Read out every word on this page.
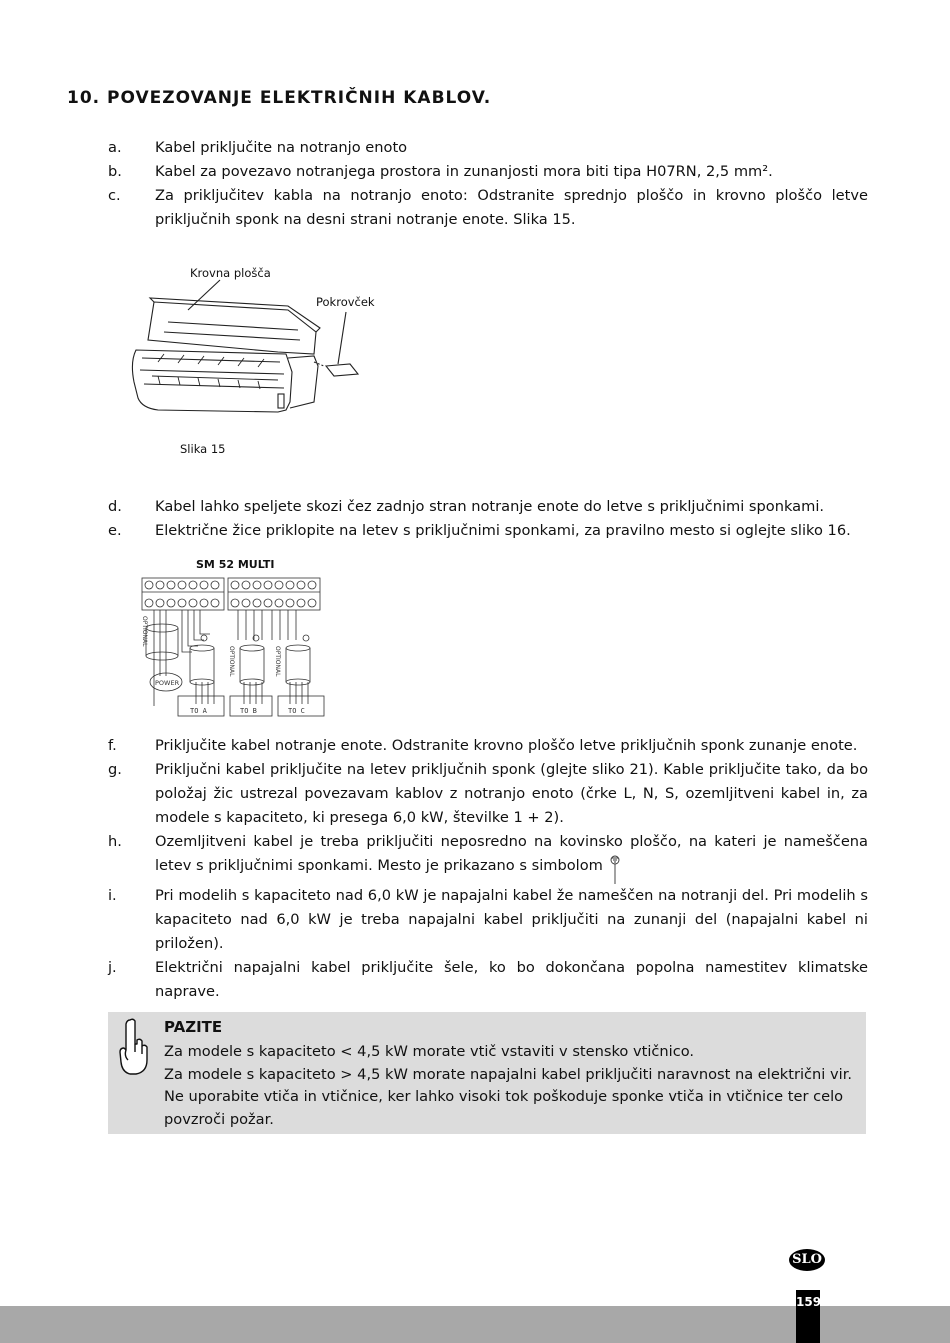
10. POVEZOVANJE ELEKTRIČNIH KABLOV.
a.	Kabel priključite na notranjo enoto
b.	Kabel za povezavo notranjega prostora in zunanjosti mora biti tipa H07RN, 2,5 mm².
c.	Za priključitev kabla na notranjo enoto: Odstranite sprednjo ploščo in krovno ploščo letve priključnih sponk na desni strani notranje enote. Slika 15.
Krovna plošča
Pokrovček
Slika 15
d.	Kabel lahko speljete skozi čez zadnjo stran notranje enote do letve s priključnimi sponkami.
e.	Električne žice priklopite na letev s priključnimi sponkami, za pravilno mesto si oglejte sliko 16.
SM 52 MULTI
OPTIONAL
OPTIONAL	OPTIONAL
POWER
TO A	TO B	TO C
f.	Priključite kabel notranje enote. Odstranite krovno ploščo letve priključnih sponk zunanje enote.
g.	Priključni kabel priključite na letev priključnih sponk (glejte sliko 21). Kable priključite tako, da bo položaj žic ustrezal povezavam kablov z notranjo enoto (črke L, N, S, ozemljitveni kabel in, za modele s kapaciteto, ki presega 6,0 kW, številke 1 + 2).
h.	Ozemljitveni kabel je treba priključiti neposredno na kovinsko ploščo, na kateri je nameščena letev s priključnimi sponkami. Mesto je prikazano s simbolom
i.	Pri modelih s kapaciteto nad 6,0 kW je napajalni kabel že nameščen na notranji del. Pri modelih s kapaciteto nad 6,0 kW je treba napajalni kabel priključiti na zunanji del (napajalni kabel ni priložen).
j.	Električni napajalni kabel priključite šele, ko bo dokončana popolna namestitev klimatske naprave.
PAZITE
Za modele s kapaciteto < 4,5 kW morate vtič vstaviti v stensko vtičnico.
Za modele s kapaciteto > 4,5 kW morate napajalni kabel priključiti naravnost na električni vir.
Ne uporabite vtiča in vtičnice, ker lahko visoki tok poškoduje sponke vtiča in vtičnice ter celo povzroči požar.
SLO
159
